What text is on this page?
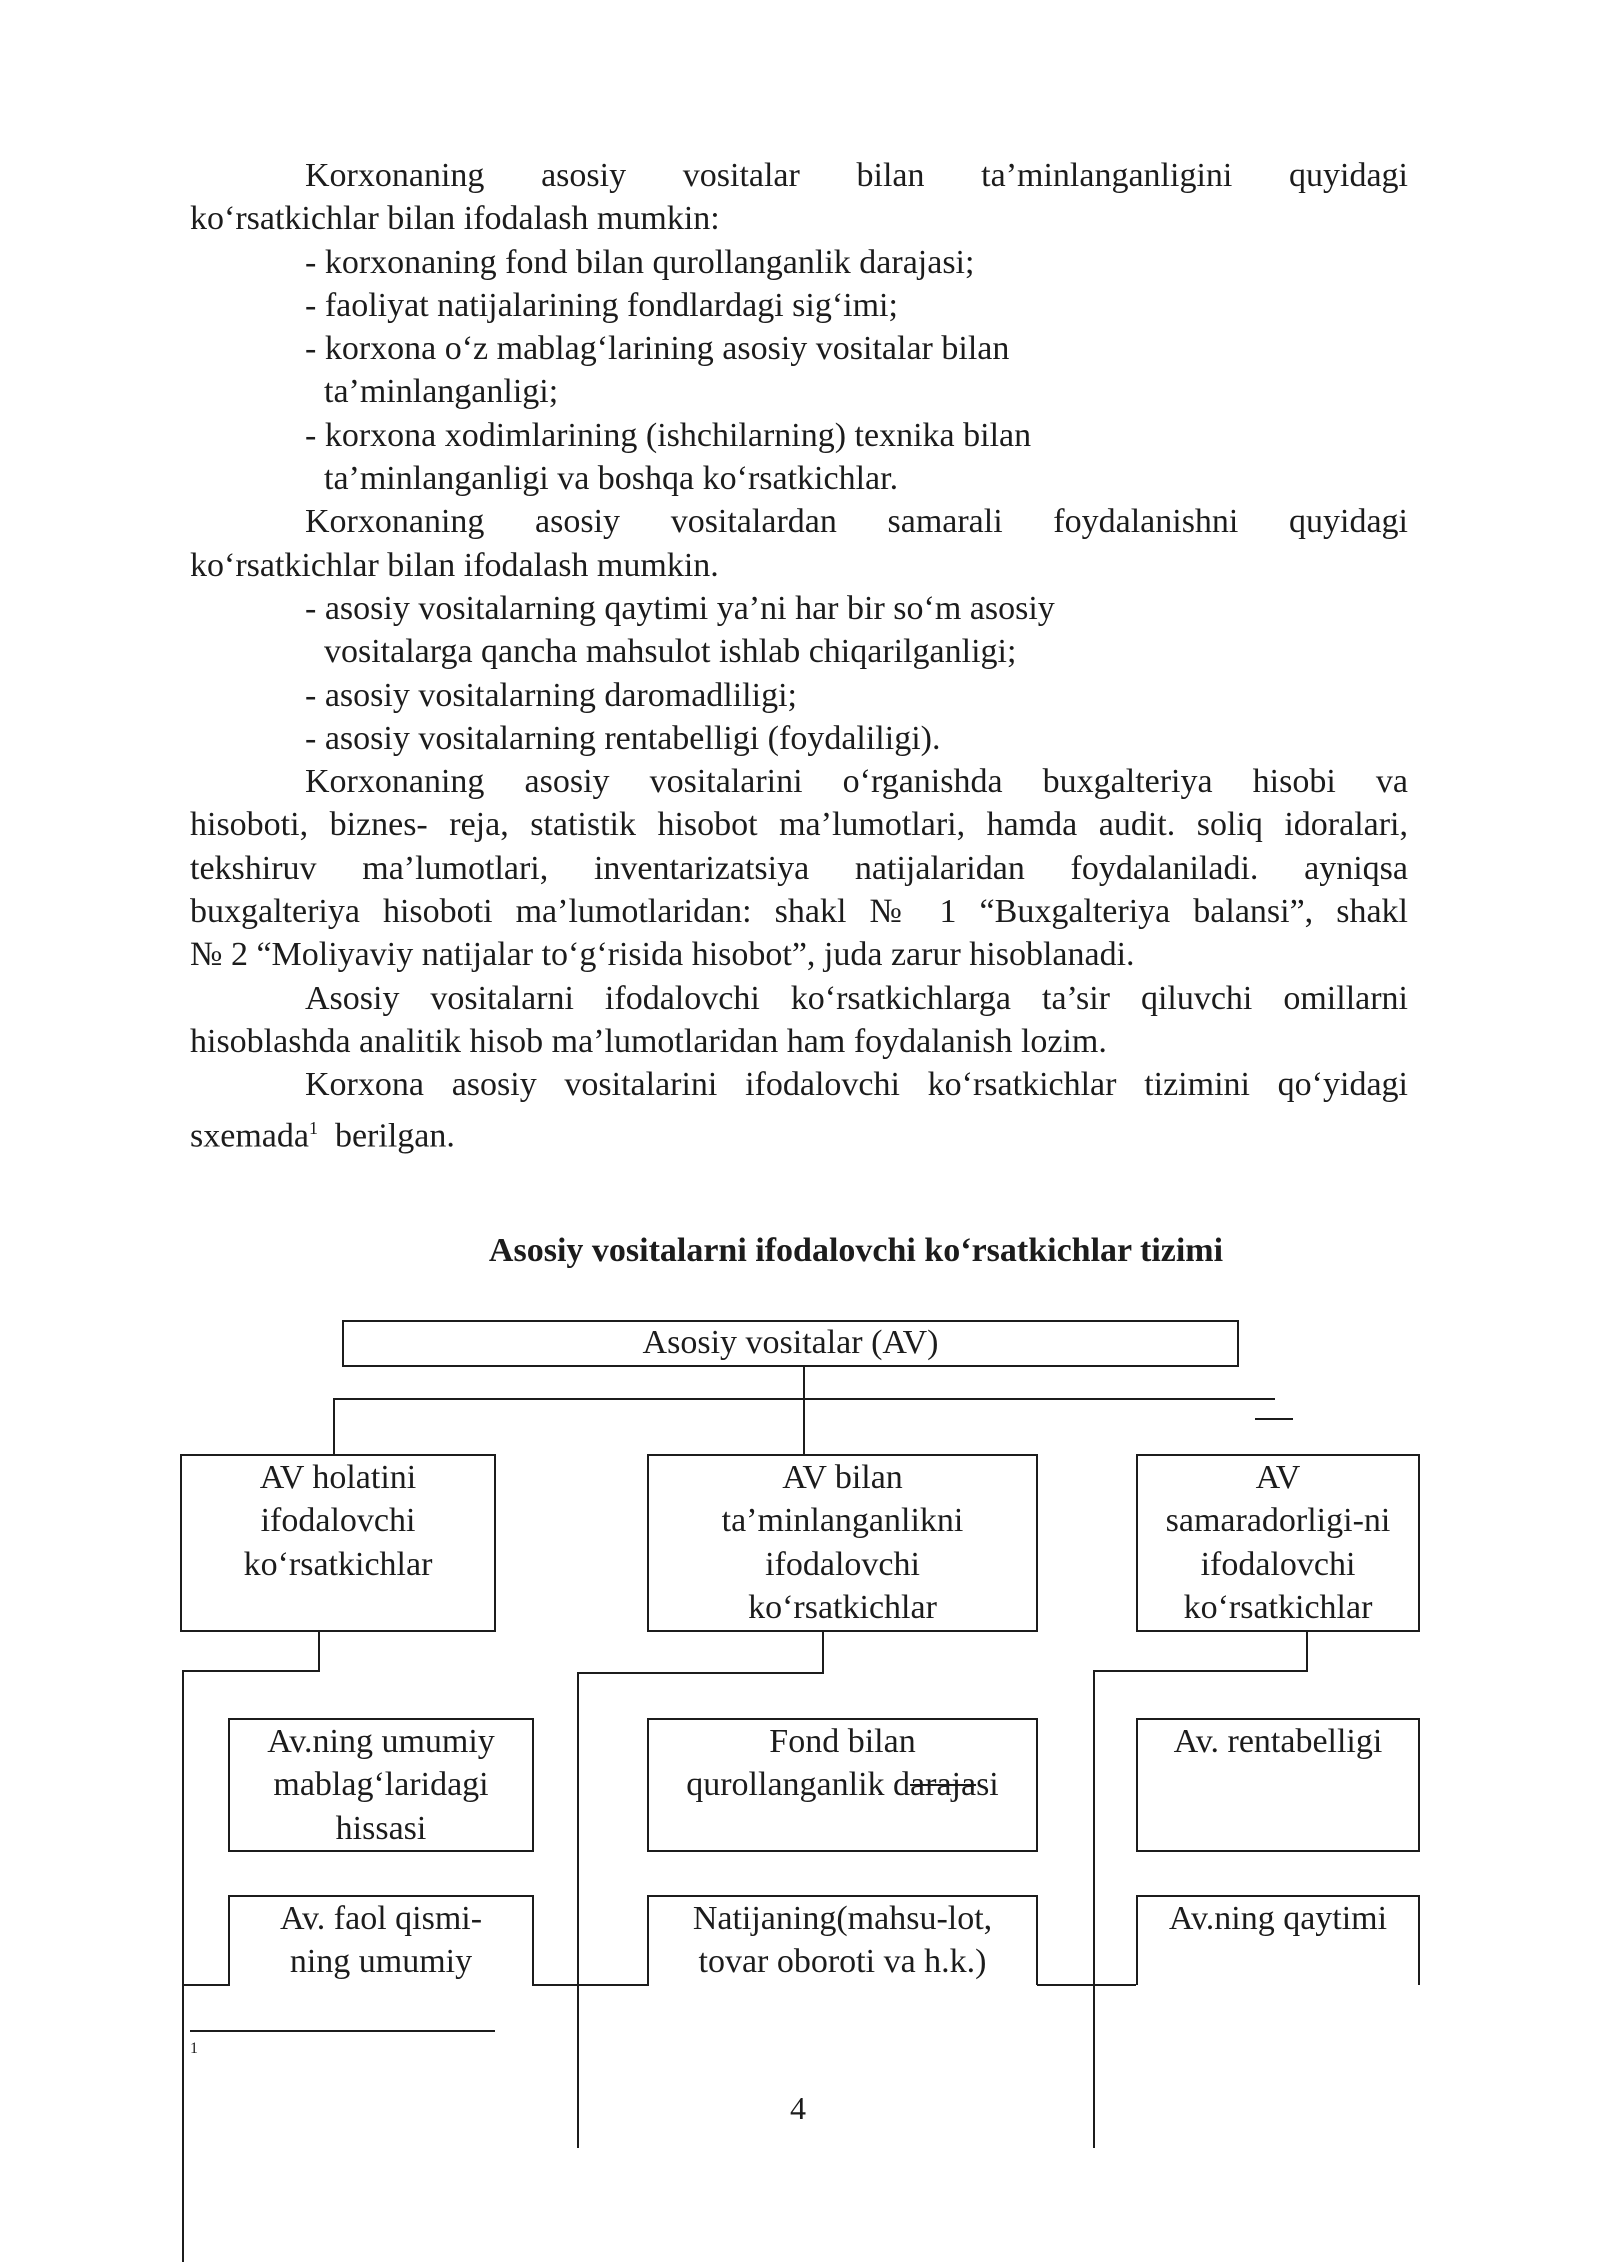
Korxonaning asosiy vositalar bilan ta’minlanganligini quyidagi

ko‘rsatkichlar bilan ifodalash mumkin:

- korxonaning fond bilan qurollanganlik darajasi;

- faoliyat natijalarining fondlardagi sig‘imi;

- korxona o‘z mablag‘larining asosiy vositalar bilan

ta’minlanganligi;

- korxona xodimlarining (ishchilarning) texnika bilan

ta’minlanganligi va boshqa ko‘rsatkichlar.

Korxonaning asosiy vositalardan samarali foydalanishni quyidagi

ko‘rsatkichlar bilan ifodalash mumkin.

- asosiy vositalarning qaytimi ya’ni har bir so‘m asosiy

vositalarga qancha mahsulot ishlab chiqarilganligi;

- asosiy vositalarning daromadliligi;

- asosiy vositalarning rentabelligi (foydaliligi).

Korxonaning asosiy vositalarini o‘rganishda buxgalteriya hisobi va

hisoboti, biznes- reja, statistik hisobot ma’lumotlari, hamda audit. soliq idoralari,

tekshiruv ma’lumotlari, inventarizatsiya natijalaridan foydalaniladi. ayniqsa

buxgalteriya hisoboti ma’lumotlaridan: shakl № 1 “Buxgalteriya balansi”, shakl

№ 2 “Moliyaviy natijalar to‘g‘risida hisobot”, juda zarur hisoblanadi.

Asosiy vositalarni ifodalovchi ko‘rsatkichlarga ta’sir qiluvchi omillarni

hisoblashda analitik hisob ma’lumotlaridan ham foydalanish lozim.

Korxona asosiy vositalarini ifodalovchi ko‘rsatkichlar tizimini qo‘yidagi

sxemada$^1$  berilgan.

Asosiy vositalarni ifodalovchi ko‘rsatkichlar tizimi
Asosiy vositalar (AV)
AV holatini
ifodalovchi
ko‘rsatkichlar
Av.ning umumiy
mablag‘laridagi
hissasi
Av. faol qismi-
ning umumiy
AV bilan
ta’minlanganlikni
ifodalovchi
ko‘rsatkichlar
Fond bilan
qurollanganlik darajasi
Natijaning(mahsu-lot,
tovar oboroti va h.k.)
AV
samaradorligi-ni
ifodalovchi
ko‘rsatkichlar
Av. rentabelligi
Av.ning qaytimi
1
4
